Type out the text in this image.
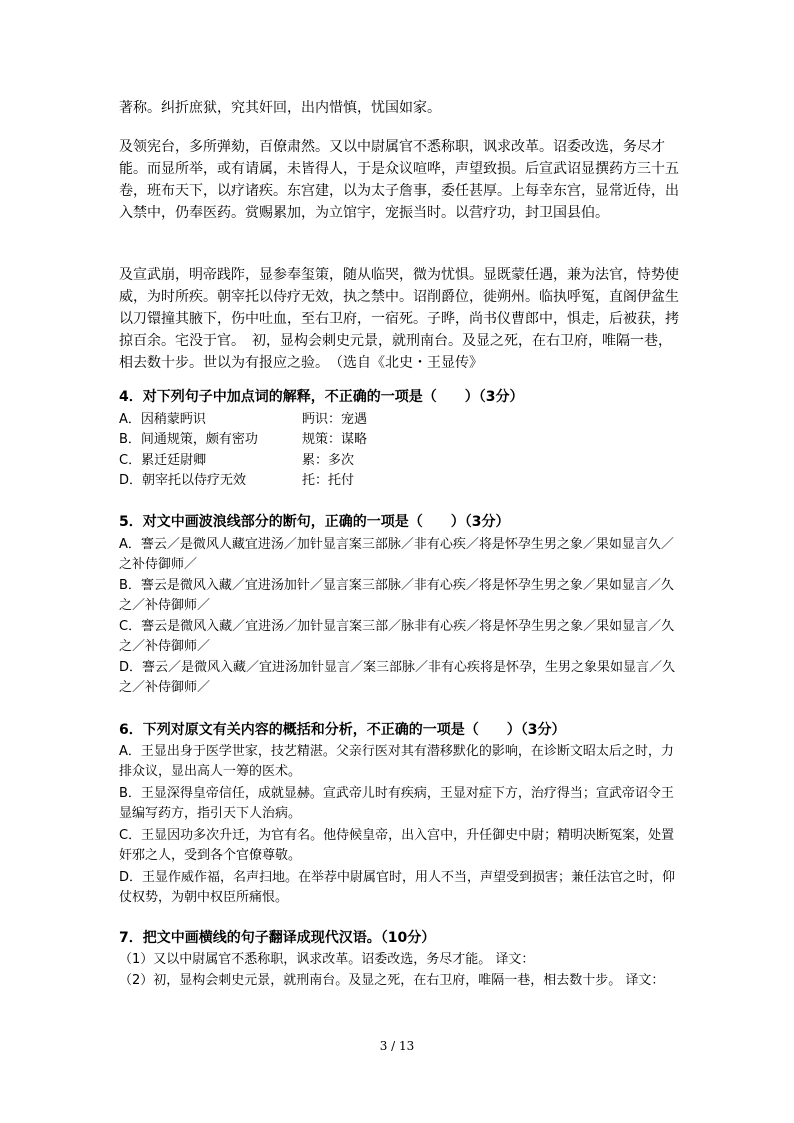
著称。纠折庶狱，究其奸回，出内惜慎，忧国如家。

及领宪台，多所弹劾，百僚肃然。又以中尉属官不悉称职，讽求改革。诏委改选，务尽才能。而显所举，或有请属，未皆得人，于是众议喧哗，声望致损。后宣武诏显撰药方三十五卷，班布天下，以疗诸疾。东宫建，以为太子詹事，委任甚厚。上每幸东宫，显常近侍，出入禁中，仍奉医药。赏赐累加，为立馆宇，宠振当时。以营疗功，封卫国县伯。

及宣武崩，明帝践阼，显参奉玺策，随从临哭，微为忧惧。显既蒙任遇，兼为法官，恃势使威，为时所疾。朝宰托以侍疗无效，执之禁中。诏削爵位，徙朔州。临执呼冤，直阁伊盆生以刀镮撞其腋下，伤中吐血，至右卫府，一宿死。子晔，尚书仪曹郎中，惧走，后被获，拷掠百余。宅没于官。　初，显构会刺史元景，就刑南台。及显之死，在右卫府，唯隔一巷，相去数十步。世以为有报应之验。　（选自《北史・王显传》

4．对下列句子中加点词的解释，不正确的一项是（　　）（3分）

A．因稍蒙眄识	眄识：宠遇
B．间通规策，颇有密功	规策：谋略
C．累迁廷尉卿	累：多次
D．朝宰托以侍疗无效	托：托付

5．对文中画波浪线部分的断句，正确的一项是（　　）（3分）

A．謇云／是微风人藏宜进汤／加针显言案三部脉／非有心疾／将是怀孕生男之象／果如显言久／之补侍御师／

B．謇云是微风入藏／宜进汤加针／显言案三部脉／非有心疾／将是怀孕生男之象／果如显言／久之／补侍御师／

C．謇云是微风入藏／宜进汤／加针显言案三部／脉非有心疾／将是怀孕生男之象／果如显言／久之／补侍御师／

D．謇云／是微风入藏／宜进汤加针显言／案三部脉／非有心疾将是怀孕，生男之象果如显言／久之／补侍御师／

6．下列对原文有关内容的概括和分析，不正确的一项是（　　）（3分）

A．王显出身于医学世家，技艺精湛。父亲行医对其有潜移默化的影响，在诊断文昭太后之时，力排众议，显出高人一筹的医术。

B．王显深得皇帝信任，成就显赫。宣武帝儿时有疾病，王显对症下方，治疗得当；宣武帝诏令王显编写药方，指引天下人治病。

C．王显因功多次升迁，为官有名。他侍候皇帝，出入宫中，升任御史中尉；精明决断冤案，处置奸邪之人，受到各个官僚尊敬。

D．王显作威作福，名声扫地。在举荐中尉属官时，用人不当，声望受到损害；兼任法官之时，仰仗权势，为朝中权臣所痛恨。

7．把文中画横线的句子翻译成现代汉语。（10分）

（1）又以中尉属官不悉称职，讽求改革。诏委改选，务尽才能。 译文：

（2）初，显构会刺史元景，就刑南台。及显之死，在右卫府，唯隔一巷，相去数十步。 译文：

3 / 13
